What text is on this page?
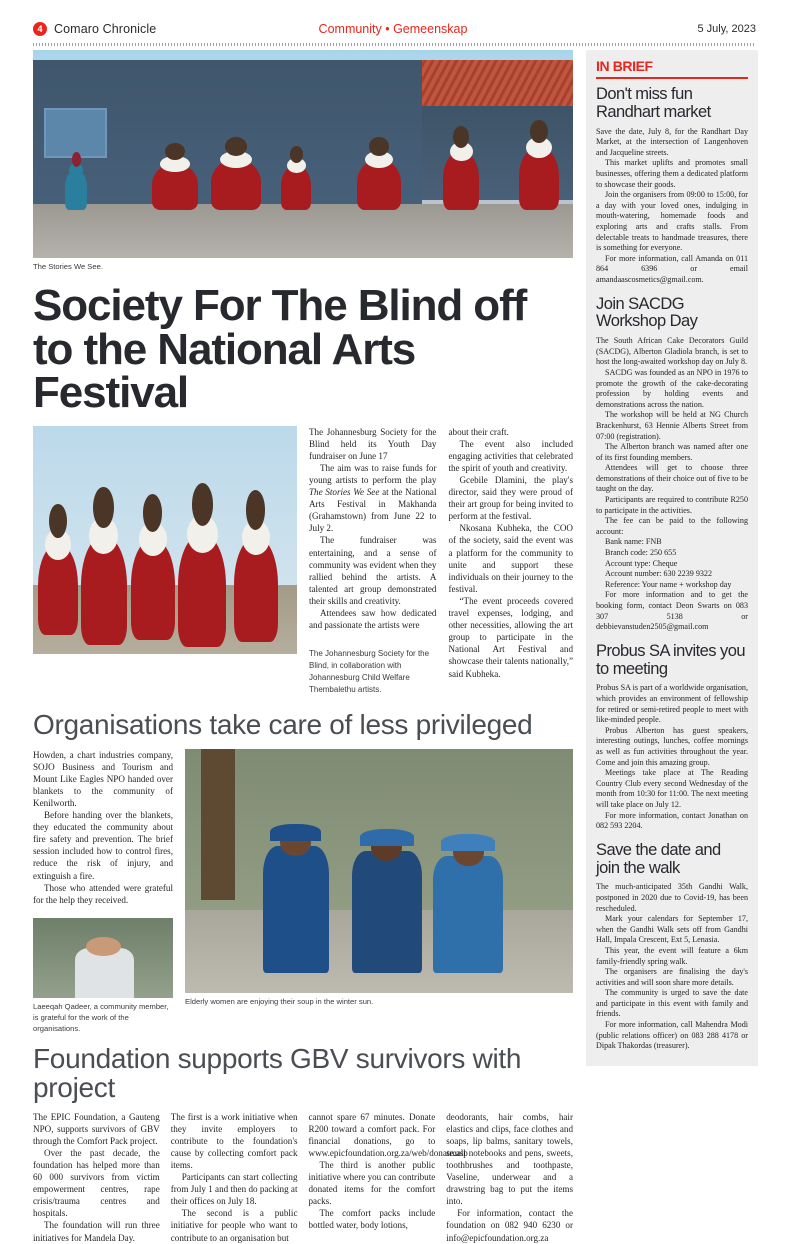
4 Comaro Chronicle	Community • Gemeenskap	5 July, 2023
The Stories We See.
Society For The Blind off to the National Arts Festival

The Johannesburg Society for the Blind held its Youth Day fundraiser on June 17

The aim was to raise funds for young artists to perform the play The Stories We See at the National Arts Festival in Makhanda (Grahamstown) from June 22 to July 2.

The fundraiser was entertaining, and a sense of community was evident when they rallied behind the artists. A talented art group demonstrated their skills and creativity.

Attendees saw how dedicated and passionate the artists were

The Johannesburg Society for the Blind, in collaboration with Johannesburg Child Welfare Thembalethu artists.

about their craft.

The event also included engaging activities that celebrated the spirit of youth and creativity.

Gcebile Dlamini, the play's director, said they were proud of their art group for being invited to perform at the festival.

Nkosana Kubheka, the COO of the society, said the event was a platform for the community to unite and support these individuals on their journey to the festival.

“The event proceeds covered travel expenses, lodging, and other necessities, allowing the art group to participate in the National Art Festival and showcase their talents nationally,” said Kubheka.

Organisations take care of less privileged

Howden, a chart industries company, SOJO Business and Tourism and Mount Like Eagles NPO handed over blankets to the community of Kenilworth.

Before handing over the blankets, they educated the community about fire safety and prevention. The brief session included how to control fires, reduce the risk of injury, and extinguish a fire.

Those who attended were grateful for the help they received.

Laeeqah Qadeer, a community member, is grateful for the work of the organisations.
Elderly women are enjoying their soup in the winter sun.
Foundation supports GBV survivors with project

The EPIC Foundation, a Gauteng NPO, supports survivors of GBV through the Comfort Pack project.

Over the past decade, the foundation has helped more than 60 000 survivors from victim empowerment centres, rape crisis/trauma centres and hospitals.

The foundation will run three initiatives for Mandela Day.

The first is a work initiative when they invite employers to contribute to the foundation's cause by collecting comfort pack items.

Participants can start collecting from July 1 and then do packing at their offices on July 18.

The second is a public initiative for people who want to contribute to an organisation but

cannot spare 67 minutes. Donate R200 toward a comfort pack. For financial donations, go to www.epicfoundation.org.za/web/donate.asp

The third is another public initiative where you can contribute donated items for the comfort packs.

The comfort packs include bottled water, body lotions,

deodorants, hair combs, hair elastics and clips, face clothes and soaps, lip balms, sanitary towels, small notebooks and pens, sweets, toothbrushes and toothpaste, Vaseline, underwear and a drawstring bag to put the items into.

For information, contact the foundation on 082 940 6230 or info@epicfoundation.org.za

IN BRIEF
Don't miss fun Randhart market

Save the date, July 8, for the Randhart Day Market, at the intersection of Langenhoven and Jacqueline streets.

This market uplifts and promotes small businesses, offering them a dedicated platform to showcase their goods.

Join the organisers from 09:00 to 15:00, for a day with your loved ones, indulging in mouth-watering, homemade foods and exploring arts and crafts stalls. From delectable treats to handmade treasures, there is something for everyone.

For more information, call Amanda on 011 864 6396 or email amandaascosmetics@gmail.com.

Join SACDG Workshop Day

The South African Cake Decorators Guild (SACDG), Alberton Gladiola branch, is set to host the long-awaited workshop day on July 8.

SACDG was founded as an NPO in 1976 to promote the growth of the cake-decorating profession by holding events and demonstrations across the nation.

The workshop will be held at NG Church Brackenhurst, 63 Hennie Alberts Street from 07:00 (registration).

The Alberton branch was named after one of its first founding members.

Attendees will get to choose three demonstrations of their choice out of five to be taught on the day.

Participants are required to contribute R250 to participate in the activities.

The fee can be paid to the following account:

Bank name: FNB

Branch code: 250 655

Account type: Cheque

Account number: 630 2239 9322

Reference: Your name + workshop day

For more information and to get the booking form, contact Deon Swarts on 083 307 5138 or debbievanstuden2505@gmail.com

Probus SA invites you to meeting

Probus SA is part of a worldwide organisation, which provides an environment of fellowship for retired or semi-retired people to meet with like-minded people.

Probus Alberton has guest speakers, interesting outings, lunches, coffee mornings as well as fun activities throughout the year. Come and join this amazing group.

Meetings take place at The Reading Country Club every second Wednesday of the month from 10:30 for 11:00. The next meeting will take place on July 12.

For more information, contact Jonathan on 082 593 2204.

Save the date and join the walk

The much-anticipated 35th Gandhi Walk, postponed in 2020 due to Covid-19, has been rescheduled.

Mark your calendars for September 17, when the Gandhi Walk sets off from Gandhi Hall, Impala Crescent, Ext 5, Lenasia.

This year, the event will feature a 6km family-friendly spring walk.

The organisers are finalising the day's activities and will soon share more details.

The community is urged to save the date and participate in this event with family and friends.

For more information, call Mahendra Modi (public relations officer) on 083 288 4178 or Dipak Thakordas (treasurer).
